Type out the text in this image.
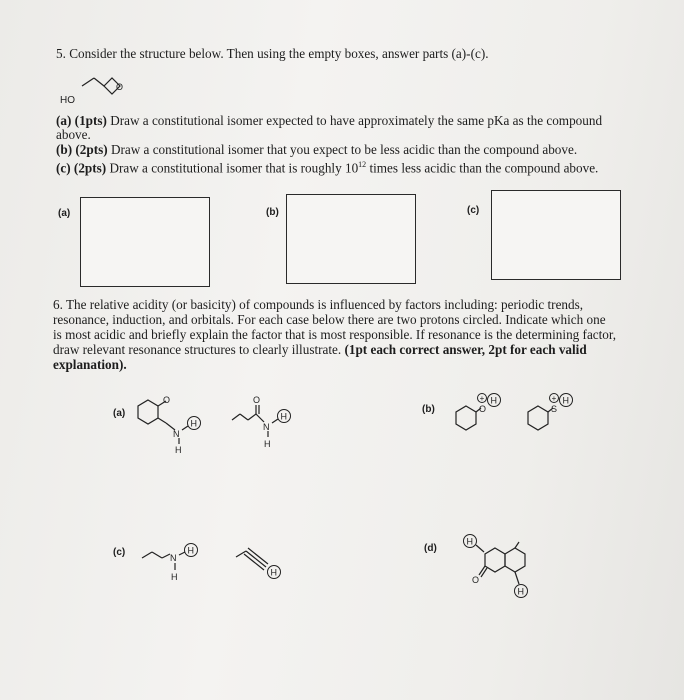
5. Consider the structure below. Then using the empty boxes, answer parts (a)-(c).
O
HO
(a) (1pts) Draw a constitutional isomer expected to have approximately the same pKa as the compound
above.
(b) (2pts) Draw a constitutional isomer that you expect to be less acidic than the compound above.
(c) (2pts) Draw a constitutional isomer that is roughly $10^{12}$ times less acidic than the compound above.
(a)	(b)	(c)
6. The relative acidity (or basicity) of compounds is influenced by factors including: periodic trends,
resonance, induction, and orbitals. For each case below there are two protons circled. Indicate which one
is most acidic and briefly explain the factor that is most responsible. If resonance is the determining factor,
draw relevant resonance structures to clearly illustrate. (1pt each correct answer, 2pt for each valid
explanation).
(a)
O
N
H
H
O
N
H
H
(b)	O
+ H
S
+ H
(c)	N
H
H
H
(d)
H
O
H
